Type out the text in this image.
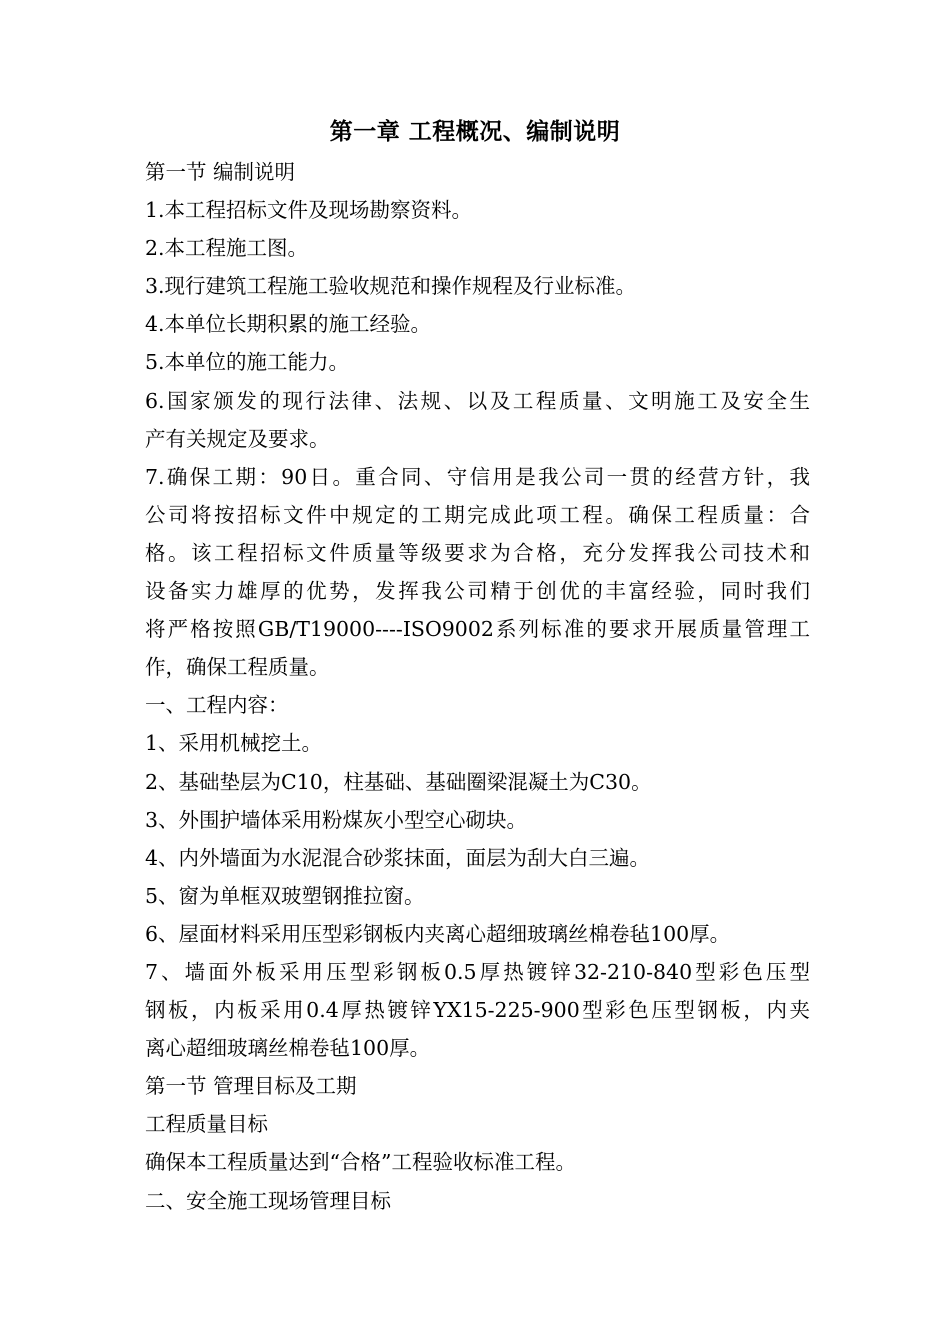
第一章 工程概况、编制说明
第一节 编制说明
1.本工程招标文件及现场勘察资料。
2.本工程施工图。
3.现行建筑工程施工验收规范和操作规程及行业标准。
4.本单位长期积累的施工经验。
5.本单位的施工能力。
6.国家颁发的现行法律、法规、以及工程质量、文明施工及安全生
产有关规定及要求。
7.确保工期：90日。重合同、守信用是我公司一贯的经营方针，我
公司将按招标文件中规定的工期完成此项工程。确保工程质量：合
格。该工程招标文件质量等级要求为合格，充分发挥我公司技术和
设备实力雄厚的优势，发挥我公司精于创优的丰富经验，同时我们
将严格按照GB/T19000----ISO9002系列标准的要求开展质量管理工
作，确保工程质量。
一、工程内容：
1、采用机械挖土。
2、基础垫层为C10，柱基础、基础圈梁混凝土为C30。
3、外围护墙体采用粉煤灰小型空心砌块。
4、内外墙面为水泥混合砂浆抹面，面层为刮大白三遍。
5、窗为单框双玻塑钢推拉窗。
6、屋面材料采用压型彩钢板内夹离心超细玻璃丝棉卷毡100厚。
7、墙面外板采用压型彩钢板0.5厚热镀锌32-210-840型彩色压型
钢板，内板采用0.4厚热镀锌YX15-225-900型彩色压型钢板，内夹
离心超细玻璃丝棉卷毡100厚。
第一节 管理目标及工期
工程质量目标
确保本工程质量达到“合格”工程验收标准工程。
二、安全施工现场管理目标
